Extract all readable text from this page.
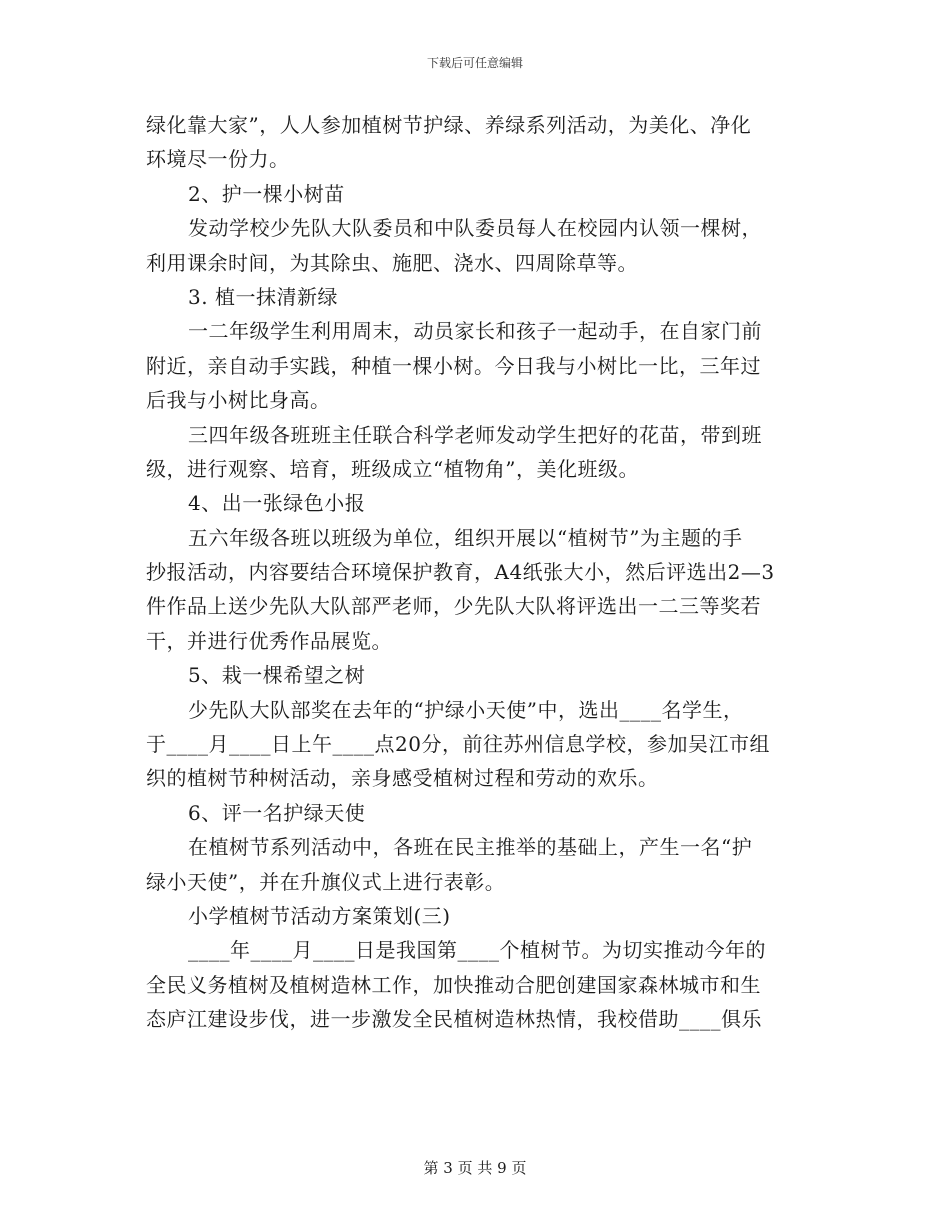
下载后可任意编辑
绿化靠大家”，人人参加植树节护绿、养绿系列活动，为美化、净化
环境尽一份力。
2、护一棵小树苗
发动学校少先队大队委员和中队委员每人在校园内认领一棵树，
利用课余时间，为其除虫、施肥、浇水、四周除草等。
3. 植一抹清新绿
一二年级学生利用周末，动员家长和孩子一起动手，在自家门前
附近，亲自动手实践，种植一棵小树。今日我与小树比一比，三年过
后我与小树比身高。
三四年级各班班主任联合科学老师发动学生把好的花苗，带到班
级，进行观察、培育，班级成立“植物角”，美化班级。
4、出一张绿色小报
五六年级各班以班级为单位，组织开展以“植树节”为主题的手
抄报活动，内容要结合环境保护教育，A4纸张大小，然后评选出2—3
件作品上送少先队大队部严老师，少先队大队将评选出一二三等奖若
干，并进行优秀作品展览。
5、栽一棵希望之树
少先队大队部奖在去年的“护绿小天使”中，选出____名学生，
于____月____日上午____点20分，前往苏州信息学校，参加吴江市组
织的植树节种树活动，亲身感受植树过程和劳动的欢乐。
6、评一名护绿天使
在植树节系列活动中，各班在民主推举的基础上，产生一名“护
绿小天使”，并在升旗仪式上进行表彰。
小学植树节活动方案策划(三)
____年____月____日是我国第____个植树节。为切实推动今年的
全民义务植树及植树造林工作，加快推动合肥创建国家森林城市和生
态庐江建设步伐，进一步激发全民植树造林热情，我校借助____俱乐
第 3 页 共 9 页
